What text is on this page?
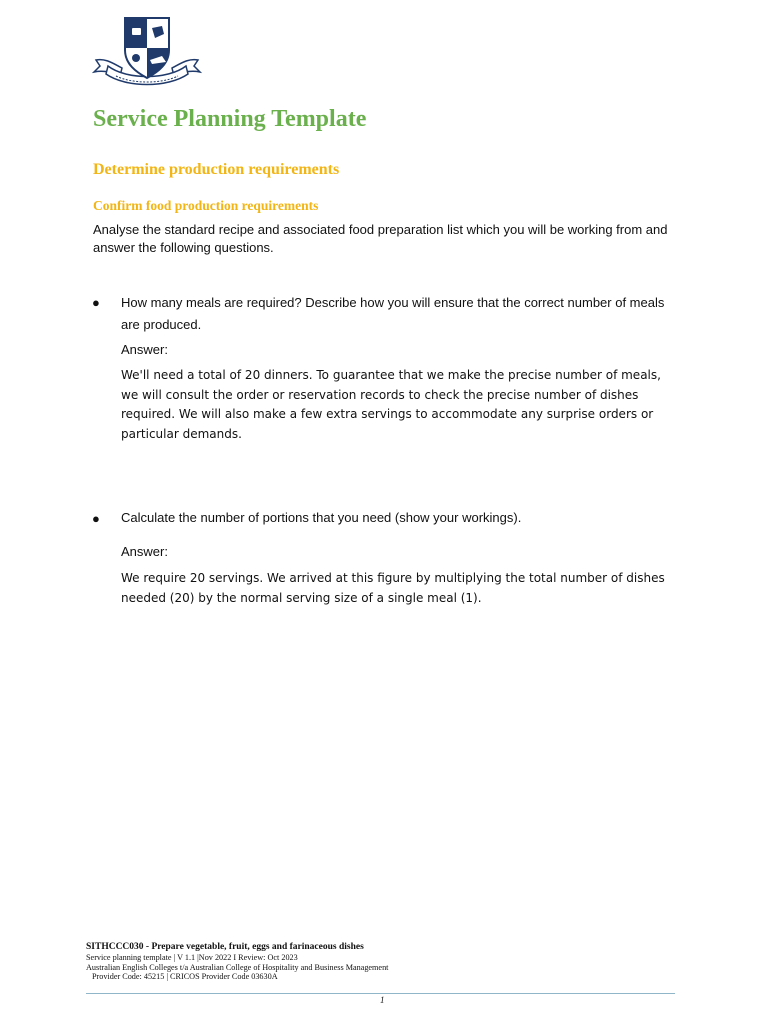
Service Planning Template
Determine production requirements
Confirm food production requirements

Analyse the standard recipe and associated food preparation list which you will be working from and answer the following questions.

● How many meals are required? Describe how you will ensure that the correct number of meals are produced.

Answer:

We'll need a total of 20 dinners. To guarantee that we make the precise number of meals, we will consult the order or reservation records to check the precise number of dishes required. We will also make a few extra servings to accommodate any surprise orders or particular demands.

● Calculate the number of portions that you need (show your workings).

Answer:

We require 20 servings. We arrived at this figure by multiplying the total number of dishes needed (20) by the normal serving size of a single meal (1).

SITHCCC030 - Prepare vegetable, fruit, eggs and farinaceous dishes

Service planning template | V 1.1 |Nov 2022 I Review: Oct 2023

Australian English Colleges t/a Australian College of Hospitality and Business Management

Provider Code: 45215 | CRICOS Provider Code 03630A

1
